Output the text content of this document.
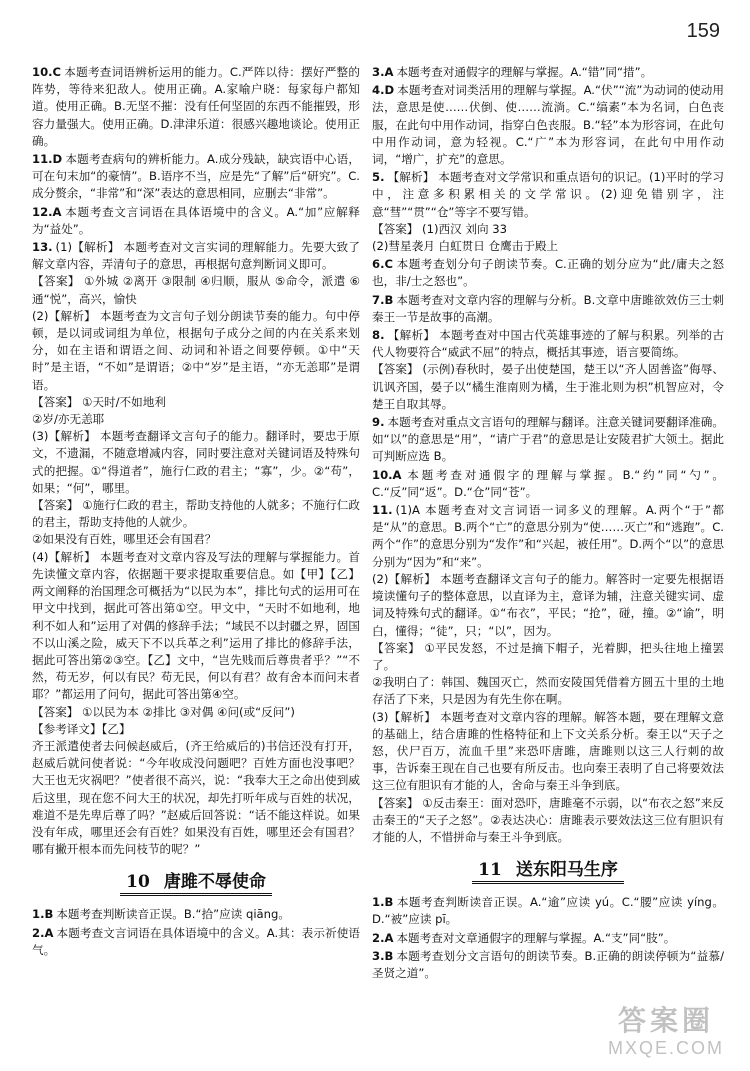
159
10.C 本题考查词语辨析运用的能力。C.严阵以待：摆好严整的阵势，等待来犯敌人。使用正确。A.家喻户晓：每家每户都知道。使用正确。B.无坚不摧：没有任何坚固的东西不能摧毁，形容力量强大。使用正确。D.津津乐道：很感兴趣地谈论。使用正确。
11.D 本题考查病句的辨析能力。A.成分残缺，缺宾语中心语，可在句末加“的豪情”。B.语序不当，应是先“了解”后“研究”。C.成分赘余，“非常”和“深”表达的意思相同，应删去“非常”。
12.A 本题考查文言词语在具体语境中的含义。A.“加”应解释为“益处”。
13. (1)【解析】 本题考查对文言实词的理解能力。先要大致了解文章内容，弄清句子的意思，再根据句意判断词义即可。
【答案】 ①外城 ②离开 ③限制 ④归顺，服从 ⑤命令，派遣 ⑥通“悦”，高兴，愉快
(2)【解析】 本题考查为文言句子划分朗读节奏的能力。句中停顿，是以词或词组为单位，根据句子成分之间的内在关系来划分，如在主语和谓语之间、动词和补语之间要停顿。①中“天时”是主语，“不如”是谓语；②中“岁”是主语，“亦无恙耶”是谓语。
【答案】 ①天时/不如地利
②岁/亦无恙耶
(3)【解析】 本题考查翻译文言句子的能力。翻译时，要忠于原文，不遗漏，不随意增减内容，同时要注意对关键词语及特殊句式的把握。①“得道者”，施行仁政的君主；“寡”，少。②“苟”，如果；“何”，哪里。
【答案】 ①施行仁政的君主，帮助支持他的人就多；不施行仁政的君主，帮助支持他的人就少。
②如果没有百姓，哪里还会有国君？
(4)【解析】 本题考查对文章内容及写法的理解与掌握能力。首先读懂文章内容，依据题干要求提取重要信息。如【甲】【乙】两文阐释的治国理念可概括为“以民为本”，排比句式的运用可在甲文中找到，据此可答出第①空。甲文中，“天时不如地利，地利不如人和”运用了对偶的修辞手法；“域民不以封疆之界，固国不以山溪之险，威天下不以兵革之利”运用了排比的修辞手法，据此可答出第②③空。【乙】文中，“岂先贱而后尊贵者乎？”“不然，苟无岁，何以有民？苟无民，何以有君？故有舍本而问末者耶？”都运用了问句，据此可答出第④空。
【答案】 ①以民为本 ②排比 ③对偶 ④问(或“反问”)
【参考译文】【乙】
齐王派遣使者去问候赵威后，(齐王给威后的)书信还没有打开，赵威后就问使者说：“今年收成没问题吧？百姓方面也没事吧？大王也无灾祸吧？”使者很不高兴，说：“我奉大王之命出使到威后这里，现在您不问大王的状况，却先打听年成与百姓的状况，难道不是先卑后尊了吗？”赵威后回答说：“话不能这样说。如果没有年成，哪里还会有百姓？如果没有百姓，哪里还会有国君？哪有撇开根本而先问枝节的呢？”
10 唐雎不辱使命
1.B 本题考查判断读音正误。B.“拾”应读 qiāng。
2.A 本题考查文言词语在具体语境中的含义。A.其：表示祈使语气。
3.A 本题考查对通假字的理解与掌握。A.“错”同“措”。
4.D 本题考查对词类活用的理解与掌握。A.“伏”“流”为动词的使动用法，意思是使……伏倒、使……流淌。C.“缟素”本为名词，白色丧服，在此句中用作动词，指穿白色丧服。B.“轻”本为形容词，在此句中用作动词，意为轻视。C.“广”本为形容词，在此句中用作动词，“增广，扩充”的意思。
5. 【解析】 本题考查对文学常识和重点语句的识记。(1)平时的学习中，注意多积累相关的文学常识。(2)迎免错别字，注意“彗”“贯”“仓”等字不要写错。
【答案】 (1)西汉 刘向 33
(2)彗星袭月 白虹贯日 仓鹰击于殿上
6.C 本题考查划分句子朗读节奏。C.正确的划分应为“此/庸夫之怒也，非/士之怒也”。
7.B 本题考查对文章内容的理解与分析。B.文章中唐雎欲效仿三士刺秦王一节是故事的高潮。
8. 【解析】 本题考查对中国古代英雄事迹的了解与积累。列举的古代人物要符合“威武不屈”的特点，概括其事迹，语言要简练。
【答案】 (示例)春秋时，晏子出使楚国，楚王以“齐人固善盗”侮辱、讥讽齐国，晏子以“橘生淮南则为橘，生于淮北则为枳”机智应对，令楚王自取其辱。
9. 本题考查对重点文言语句的理解与翻译。注意关键词要翻译准确。如“以”的意思是“用”，“请广于君”的意思是让安陵君扩大领土。据此可判断应选 B。
10.A 本题考查对通假字的理解与掌握。B.“约”同“勺”。C.“反”同“返”。D.“仓”同“苍”。
11. (1)A 本题考查对文言词语一词多义的理解。A.两个“于”都是“从”的意思。B.两个“亡”的意思分别为“使……灭亡”和“逃跑”。C.两个“作”的意思分别为“发作”和“兴起，被任用”。D.两个“以”的意思分别为“因为”和“来”。
(2)【解析】 本题考查翻译文言句子的能力。解答时一定要先根据语境读懂句子的整体意思，以直译为主，意译为辅，注意关键实词、虚词及特殊句式的翻译。①“布衣”，平民；“抢”，碰，撞。②“谕”，明白，懂得；“徒”，只；“以”，因为。
【答案】 ①平民发怒，不过是摘下帽子，光着脚，把头往地上撞罢了。
②我明白了：韩国、魏国灭亡，然而安陵国凭借着方圆五十里的土地存活了下来，只是因为有先生你在啊。
(3)【解析】 本题考查对文章内容的理解。解答本题，要在理解文意的基础上，结合唐雎的性格特征和上下文关系分析。秦王以“天子之怒，伏尸百万，流血千里”来恐吓唐雎，唐雎则以这三人行刺的故事，告诉秦王现在自己也要有所反击。也向秦王表明了自己将要效法这三位有胆识有才能的人，舍命与秦王斗争到底。
【答案】 ①反击秦王：面对恐吓，唐雎毫不示弱，以“布衣之怒”来反击秦王的“天子之怒”。②表达决心：唐雎表示要效法这三位有胆识有才能的人，不惜拼命与秦王斗争到底。
11 送东阳马生序
1.B 本题考查判断读音正误。A.“逾”应读 yú。C.“腰”应读 yíng。D.“被”应读 pī。
2.A 本题考查对文章通假字的理解与掌握。A.“支”同“肢”。
3.B 本题考查划分文言语句的朗读节奏。B.正确的朗读停顿为“益慕/圣贤之道”。
答案圈
MXQE.COM
